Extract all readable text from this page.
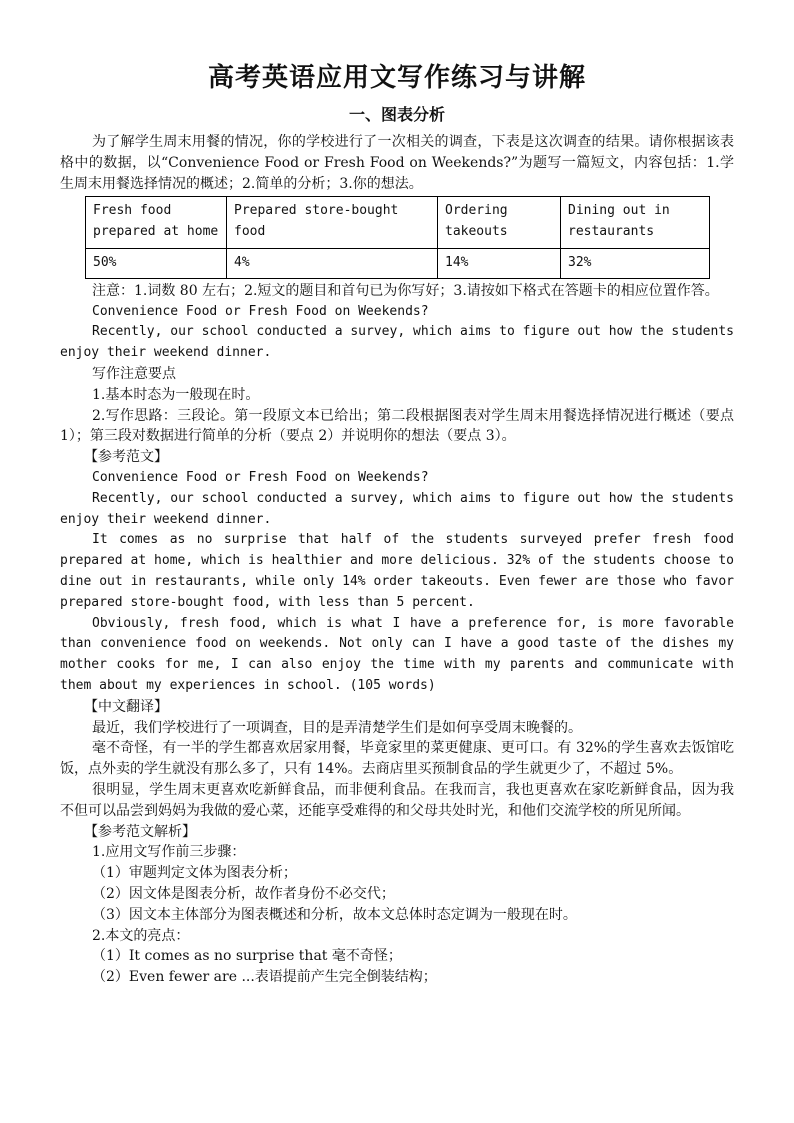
高考英语应用文写作练习与讲解
一、图表分析

为了解学生周末用餐的情况，你的学校进行了一次相关的调查，下表是这次调查的结果。请你根据该表格中的数据，以“Convenience Food or Fresh Food on Weekends?”为题写一篇短文，内容包括：1.学生周末用餐选择情况的概述；2.简单的分析；3.你的想法。

Fresh food prepared at home	Prepared store-bought food	Ordering takeouts	Dining out in restaurants
50%	4%	14%	32%

注意：1.词数 80 左右；2.短文的题目和首句已为你写好；3.请按如下格式在答题卡的相应位置作答。

Convenience Food or Fresh Food on Weekends?

Recently, our school conducted a survey, which aims to figure out how the students enjoy their weekend dinner.

写作注意要点

1.基本时态为一般现在时。

2.写作思路：三段论。第一段原文本已给出；第二段根据图表对学生周末用餐选择情况进行概述（要点 1）；第三段对数据进行简单的分析（要点 2）并说明你的想法（要点 3）。

【参考范文】

Convenience Food or Fresh Food on Weekends?

Recently, our school conducted a survey, which aims to figure out how the students enjoy their weekend dinner.

It comes as no surprise that half of the students surveyed prefer fresh food prepared at home, which is healthier and more delicious. 32% of the students choose to dine out in restaurants, while only 14% order takeouts. Even fewer are those who favor prepared store-bought food, with less than 5 percent.

Obviously, fresh food, which is what I have a preference for, is more favorable than convenience food on weekends. Not only can I have a good taste of the dishes my mother cooks for me, I can also enjoy the time with my parents and communicate with them about my experiences in school. (105 words)

【中文翻译】

最近，我们学校进行了一项调查，目的是弄清楚学生们是如何享受周末晚餐的。

毫不奇怪，有一半的学生都喜欢居家用餐，毕竟家里的菜更健康、更可口。有 32%的学生喜欢去饭馆吃饭，点外卖的学生就没有那么多了，只有 14%。去商店里买预制食品的学生就更少了，不超过 5%。

很明显，学生周末更喜欢吃新鲜食品，而非便利食品。在我而言，我也更喜欢在家吃新鲜食品，因为我不但可以品尝到妈妈为我做的爱心菜，还能享受难得的和父母共处时光，和他们交流学校的所见所闻。

【参考范文解析】

1.应用文写作前三步骤：

（1）审题判定文体为图表分析；

（2）因文体是图表分析，故作者身份不必交代；

（3）因文本主体部分为图表概述和分析，故本文总体时态定调为一般现在时。

2.本文的亮点：

（1）It comes as no surprise that 毫不奇怪；

（2）Even fewer are ...表语提前产生完全倒装结构；
